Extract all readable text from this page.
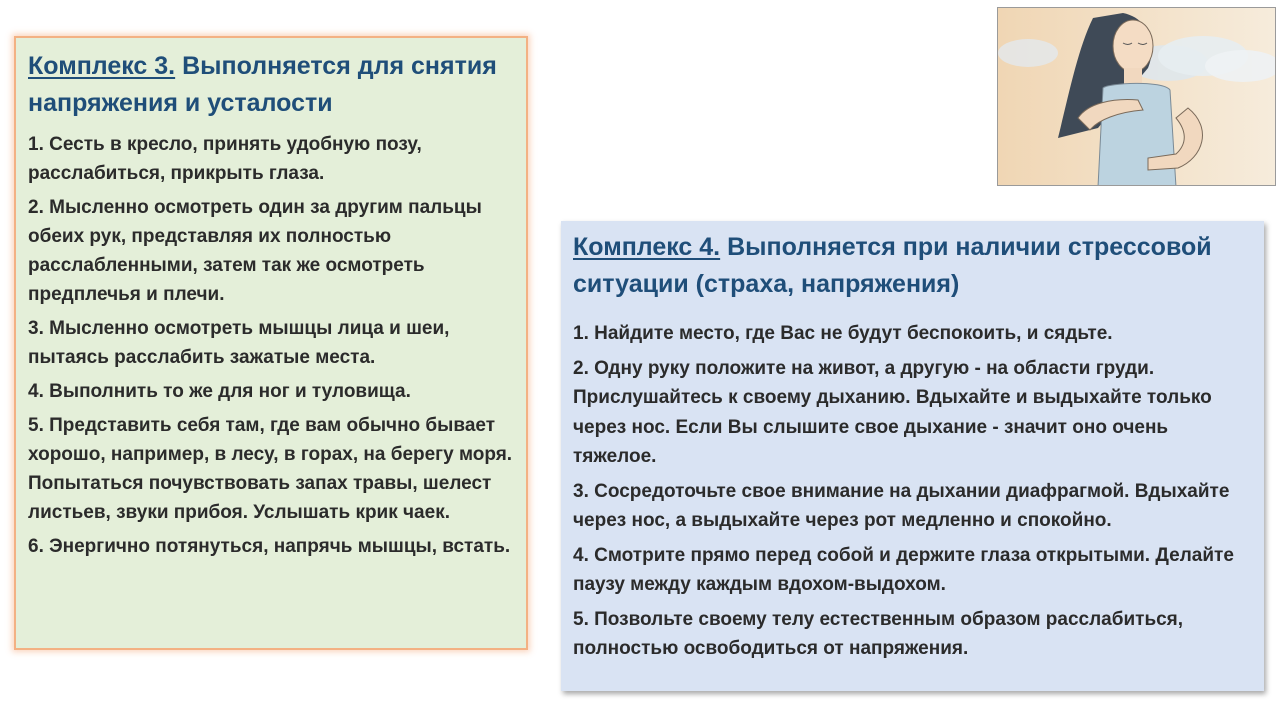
Комплекс 3. Выполняется для снятия напряжения и усталости
1. Сесть в кресло, принять удобную позу, расслабиться, прикрыть глаза.
2. Мысленно осмотреть один за другим пальцы обеих рук, представляя их полностью расслабленными, затем так же осмотреть предплечья и плечи.
3. Мысленно осмотреть мышцы лица и шеи, пытаясь расслабить зажатые места.
4. Выполнить то же для ног и туловища.
5. Представить себя там, где вам обычно бывает хорошо, например, в лесу, в горах, на берегу моря. Попытаться почувствовать запах травы, шелест листьев, звуки прибоя. Услышать крик чаек.
6. Энергично потянуться, напрячь мышцы, встать.
Комплекс 4. Выполняется при наличии стрессовой ситуации (страха, напряжения)
1. Найдите место, где Вас не будут беспокоить, и сядьте.
2. Одну руку положите на живот, а другую - на области груди. Прислушайтесь к своему дыханию. Вдыхайте и выдыхайте только через нос. Если Вы слышите свое дыхание - значит оно очень тяжелое.
3. Сосредоточьте свое внимание на дыхании диафрагмой. Вдыхайте через нос, а выдыхайте через рот медленно и спокойно.
4. Смотрите прямо перед собой и держите глаза открытыми. Делайте паузу между каждым вдохом-выдохом.
5. Позвольте своему телу естественным образом расслабиться, полностью освободиться от напряжения.
